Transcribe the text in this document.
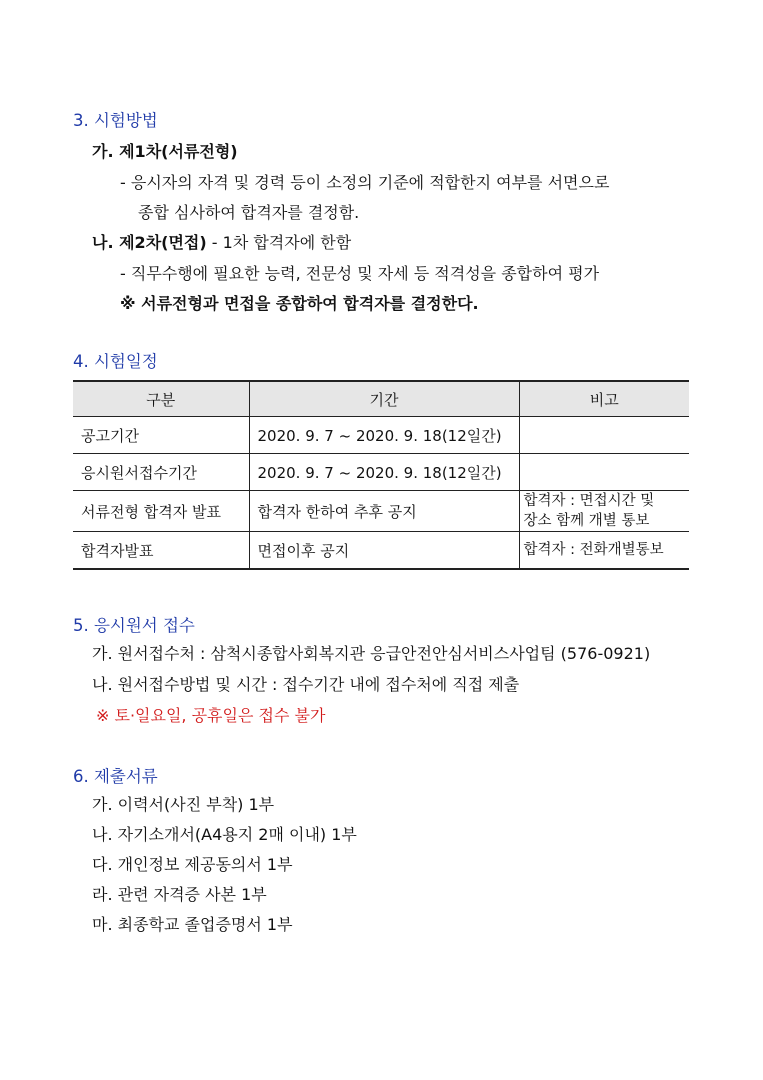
3. 시험방법
가. 제1차(서류전형)
- 응시자의 자격 및 경력 등이 소정의 기준에 적합한지 여부를 서면으로
종합 심사하여 합격자를 결정함.
나. 제2차(면접) - 1차 합격자에 한함
- 직무수행에 필요한 능력, 전문성 및 자세 등 적격성을 종합하여 평가
※ 서류전형과 면접을 종합하여 합격자를 결정한다.
4. 시험일정
구분	기간	비고
공고기간	2020. 9. 7 ~ 2020. 9. 18(12일간)	
응시원서접수기간	2020. 9. 7 ~ 2020. 9. 18(12일간)	
서류전형 합격자 발표	합격자 한하여 추후 공지	합격자 : 면접시간 및
장소 함께 개별 통보

합격자발표	면접이후 공지	합격자 : 전화개별통보
5. 응시원서 접수
가. 원서접수처 : 삼척시종합사회복지관 응급안전안심서비스사업팀 (576-0921)
나. 원서접수방법 및 시간 : 접수기간 내에 접수처에 직접 제출
※ 토·일요일, 공휴일은 접수 불가
6. 제출서류
가. 이력서(사진 부착) 1부
나. 자기소개서(A4용지 2매 이내) 1부
다. 개인정보 제공동의서 1부
라. 관련 자격증 사본 1부
마. 최종학교 졸업증명서 1부
